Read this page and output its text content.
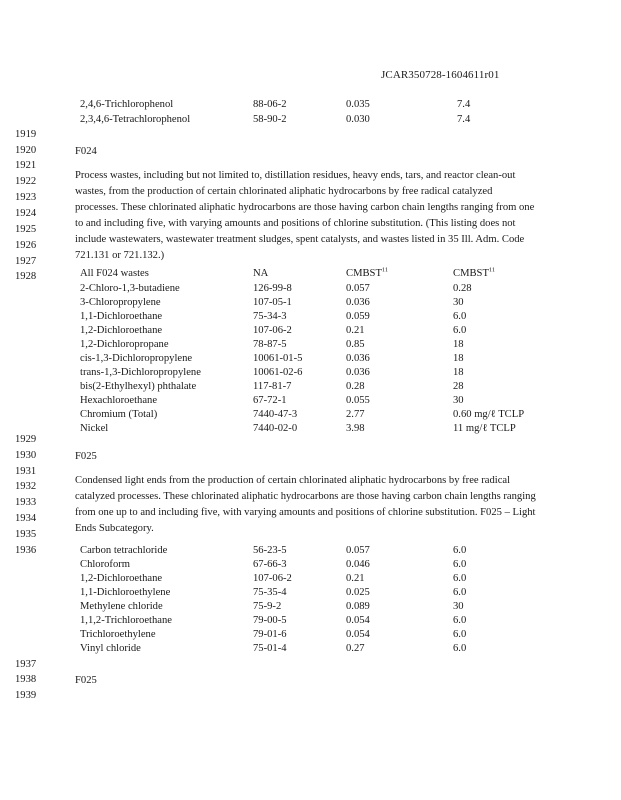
JCAR350728-1604611r01
2,4,6-Trichlorophenol	88-06-2	0.035	7.4
2,3,4,6-Tetrachlorophenol	58-90-2	0.030	7.4
1919
1920
1921
1922
1923
1924
1925
1926
1927
1928
1929
1930
1931
1932
1933
1934
1935
1936
1937
1938
1939
F024
Process wastes, including but not limited to, distillation residues, heavy ends, tars, and reactor clean-out wastes, from the production of certain chlorinated aliphatic hydrocarbons by free radical catalyzed processes. These chlorinated aliphatic hydrocarbons are those having carbon chain lengths ranging from one to and including five, with varying amounts and positions of chlorine substitution. (This listing does not include wastewaters, wastewater treatment sludges, spent catalysts, and wastes listed in 35 Ill. Adm. Code 721.131 or 721.132.)
All F024 wastes	NA	CMBST$^{11}$	CMBST$^{11}$
2-Chloro-1,3-butadiene	126-99-8	0.057	0.28
3-Chloropropylene	107-05-1	0.036	30
1,1-Dichloroethane	75-34-3	0.059	6.0
1,2-Dichloroethane	107-06-2	0.21	6.0
1,2-Dichloropropane	78-87-5	0.85	18
cis-1,3-Dichloropropylene	10061-01-5	0.036	18
trans-1,3-Dichloropropylene	10061-02-6	0.036	18
bis(2-Ethylhexyl) phthalate	117-81-7	0.28	28
Hexachloroethane	67-72-1	0.055	30
Chromium (Total)	7440-47-3	2.77	0.60 mg/ℓ TCLP
Nickel	7440-02-0	3.98	11 mg/ℓ TCLP
F025
Condensed light ends from the production of certain chlorinated aliphatic hydrocarbons by free radical catalyzed processes. These chlorinated aliphatic hydrocarbons are those having carbon chain lengths ranging from one up to and including five, with varying amounts and positions of chlorine substitution. F025 – Light Ends Subcategory.
Carbon tetrachloride	56-23-5	0.057	6.0
Chloroform	67-66-3	0.046	6.0
1,2-Dichloroethane	107-06-2	0.21	6.0
1,1-Dichloroethylene	75-35-4	0.025	6.0
Methylene chloride	75-9-2	0.089	30
1,1,2-Trichloroethane	79-00-5	0.054	6.0
Trichloroethylene	79-01-6	0.054	6.0
Vinyl chloride	75-01-4	0.27	6.0
F025
